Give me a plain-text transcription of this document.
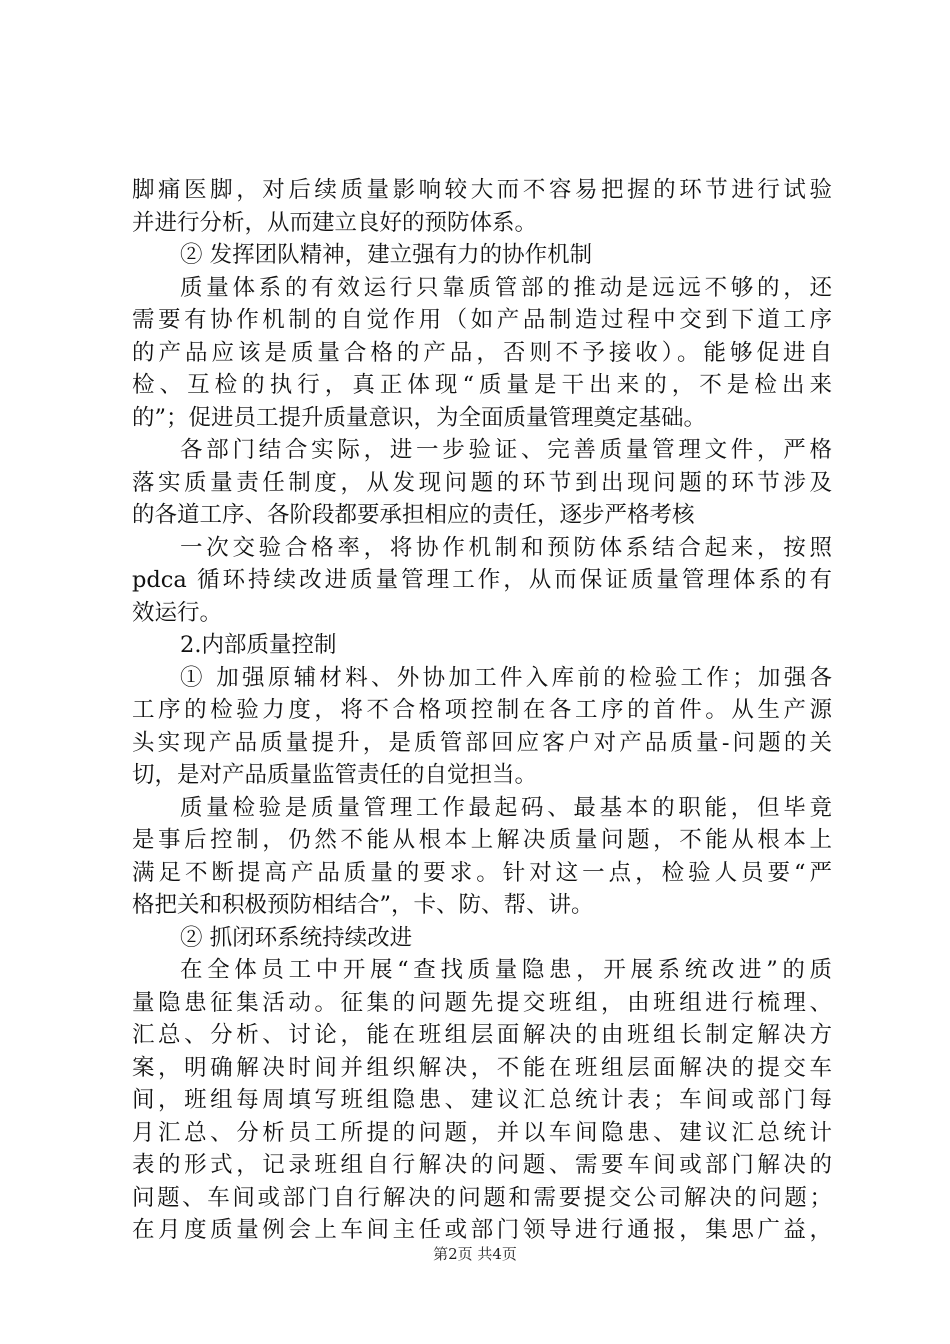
脚痛医脚，对后续质量影响较大而不容易把握的环节进行试验
并进行分析，从而建立良好的预防体系。
② 发挥团队精神，建立强有力的协作机制
质量体系的有效运行只靠质管部的推动是远远不够的，还
需要有协作机制的自觉作用（如产品制造过程中交到下道工序
的产品应该是质量合格的产品，否则不予接收）。能够促进自
检、互检的执行，真正体现“质量是干出来的，不是检出来
的”；促进员工提升质量意识，为全面质量管理奠定基础。
各部门结合实际，进一步验证、完善质量管理文件，严格
落实质量责任制度，从发现问题的环节到出现问题的环节涉及
的各道工序、各阶段都要承担相应的责任，逐步严格考核
一次交验合格率，将协作机制和预防体系结合起来，按照
pdca 循环持续改进质量管理工作，从而保证质量管理体系的有
效运行。
2.内部质量控制
① 加强原辅材料、外协加工件入库前的检验工作；加强各
工序的检验力度，将不合格项控制在各工序的首件。从生产源
头实现产品质量提升，是质管部回应客户对产品质量-问题的关
切，是对产品质量监管责任的自觉担当。
质量检验是质量管理工作最起码、最基本的职能，但毕竟
是事后控制，仍然不能从根本上解决质量问题，不能从根本上
满足不断提高产品质量的要求。针对这一点，检验人员要“严
格把关和积极预防相结合”，卡、防、帮、讲。
② 抓闭环系统持续改进
在全体员工中开展“查找质量隐患，开展系统改进”的质
量隐患征集活动。征集的问题先提交班组，由班组进行梳理、
汇总、分析、讨论，能在班组层面解决的由班组长制定解决方
案，明确解决时间并组织解决，不能在班组层面解决的提交车
间，班组每周填写班组隐患、建议汇总统计表；车间或部门每
月汇总、分析员工所提的问题，并以车间隐患、建议汇总统计
表的形式，记录班组自行解决的问题、需要车间或部门解决的
问题、车间或部门自行解决的问题和需要提交公司解决的问题；
在月度质量例会上车间主任或部门领导进行通报，集思广益，
第2页 共4页
